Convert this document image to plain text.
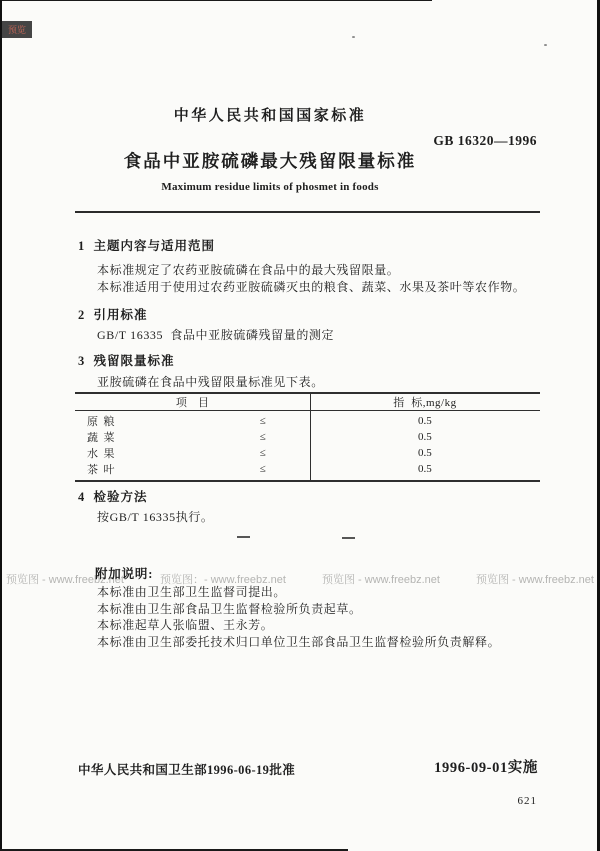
预览
中华人民共和国国家标准
GB 16320—1996
食品中亚胺硫磷最大残留限量标准
Maximum residue limits of phosmet in foods
1  主题内容与适用范围
本标准规定了农药亚胺硫磷在食品中的最大残留限量。
本标准适用于使用过农药亚胺硫磷灭虫的粮食、蔬菜、水果及茶叶等农作物。
2  引用标准
GB/T 16335  食品中亚胺硫磷残留量的测定
3  残留限量标准
亚胺硫磷在食品中残留限量标准见下表。
项    目	指  标,mg/kg
原  粮	≤	0.5
蔬  菜	≤	0.5
水  果	≤	0.5
茶  叶	≤	0.5
4  检验方法
按GB/T 16335执行。
预览图 - www.freebz.net	预览图：- www.freebz.net	预览图 - www.freebz.net	预览图 - www.freebz.net
附加说明:
本标准由卫生部卫生监督司提出。
本标准由卫生部食品卫生监督检验所负责起草。
本标准起草人张临盟、王永芳。
本标准由卫生部委托技术归口单位卫生部食品卫生监督检验所负责解释。
中华人民共和国卫生部1996-06-19批准	1996-09-01实施
621
